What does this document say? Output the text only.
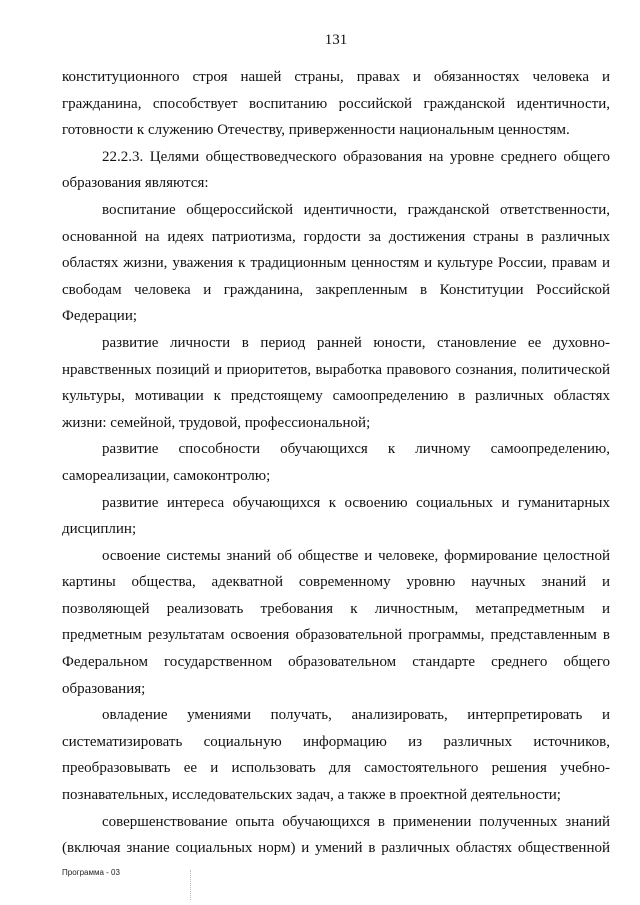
131

конституционного строя нашей страны, правах и обязанностях человека и гражданина, способствует воспитанию российской гражданской идентичности, готовности к служению Отечеству, приверженности национальным ценностям.

22.2.3. Целями обществоведческого образования на уровне среднего общего образования являются:

воспитание общероссийской идентичности, гражданской ответственности, основанной на идеях патриотизма, гордости за достижения страны в различных областях жизни, уважения к традиционным ценностям и культуре России, правам и свободам человека и гражданина, закрепленным в Конституции Российской Федерации;

развитие личности в период ранней юности, становление ее духовно-нравственных позиций и приоритетов, выработка правового сознания, политической культуры, мотивации к предстоящему самоопределению в различных областях жизни: семейной, трудовой, профессиональной;

развитие способности обучающихся к личному самоопределению, самореализации, самоконтролю;

развитие интереса обучающихся к освоению социальных и гуманитарных дисциплин;

освоение системы знаний об обществе и человеке, формирование целостной картины общества, адекватной современному уровню научных знаний и позволяющей реализовать требования к личностным, метапредметным и предметным результатам освоения образовательной программы, представленным в Федеральном государственном образовательном стандарте среднего общего образования;

овладение умениями получать, анализировать, интерпретировать и систематизировать социальную информацию из различных источников, преобразовывать ее и использовать для самостоятельного решения учебно-познавательных, исследовательских задач, а также в проектной деятельности;

совершенствование опыта обучающихся в применении полученных знаний (включая знание социальных норм) и умений в различных областях общественной

Программа - 03
